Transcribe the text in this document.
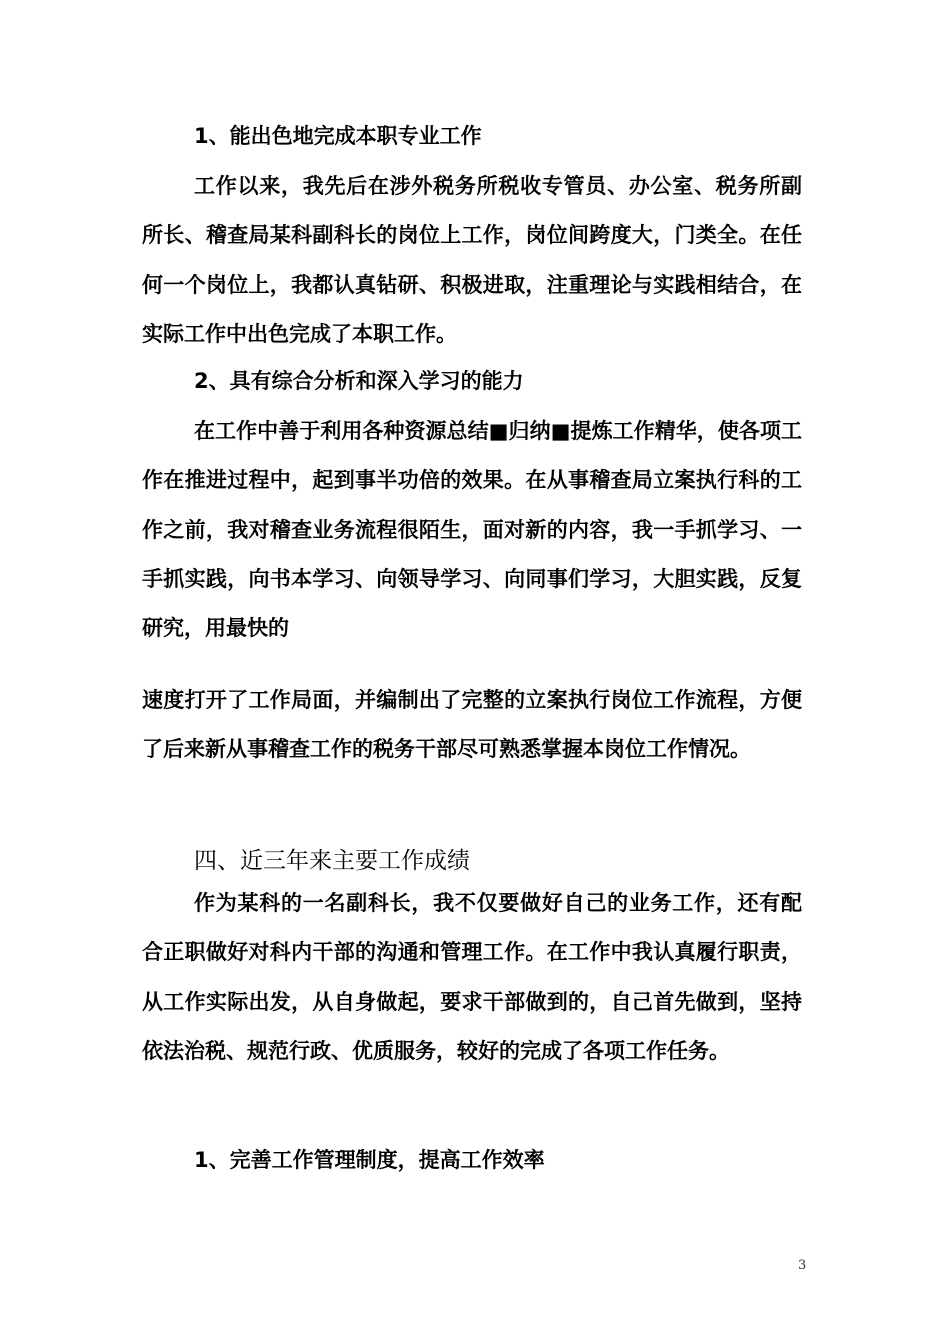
1、能出色地完成本职专业工作

工作以来，我先后在涉外税务所税收专管员、办公室、税务所副所长、稽查局某科副科长的岗位上工作，岗位间跨度大，门类全。在任何一个岗位上，我都认真钻研、积极进取，注重理论与实践相结合，在实际工作中出色完成了本职工作。

2、具有综合分析和深入学习的能力

在工作中善于利用各种资源总结■归纳■提炼工作精华，使各项工作在推进过程中，起到事半功倍的效果。在从事稽查局立案执行科的工作之前，我对稽查业务流程很陌生，面对新的内容，我一手抓学习、一手抓实践，向书本学习、向领导学习、向同事们学习，大胆实践，反复研究，用最快的

速度打开了工作局面，并编制出了完整的立案执行岗位工作流程，方便了后来新从事稽查工作的税务干部尽可熟悉掌握本岗位工作情况。

四、近三年来主要工作成绩

作为某科的一名副科长，我不仅要做好自己的业务工作，还有配合正职做好对科内干部的沟通和管理工作。在工作中我认真履行职责，从工作实际出发，从自身做起，要求干部做到的，自己首先做到，坚持依法治税、规范行政、优质服务，较好的完成了各项工作任务。

1、完善工作管理制度，提高工作效率

3
